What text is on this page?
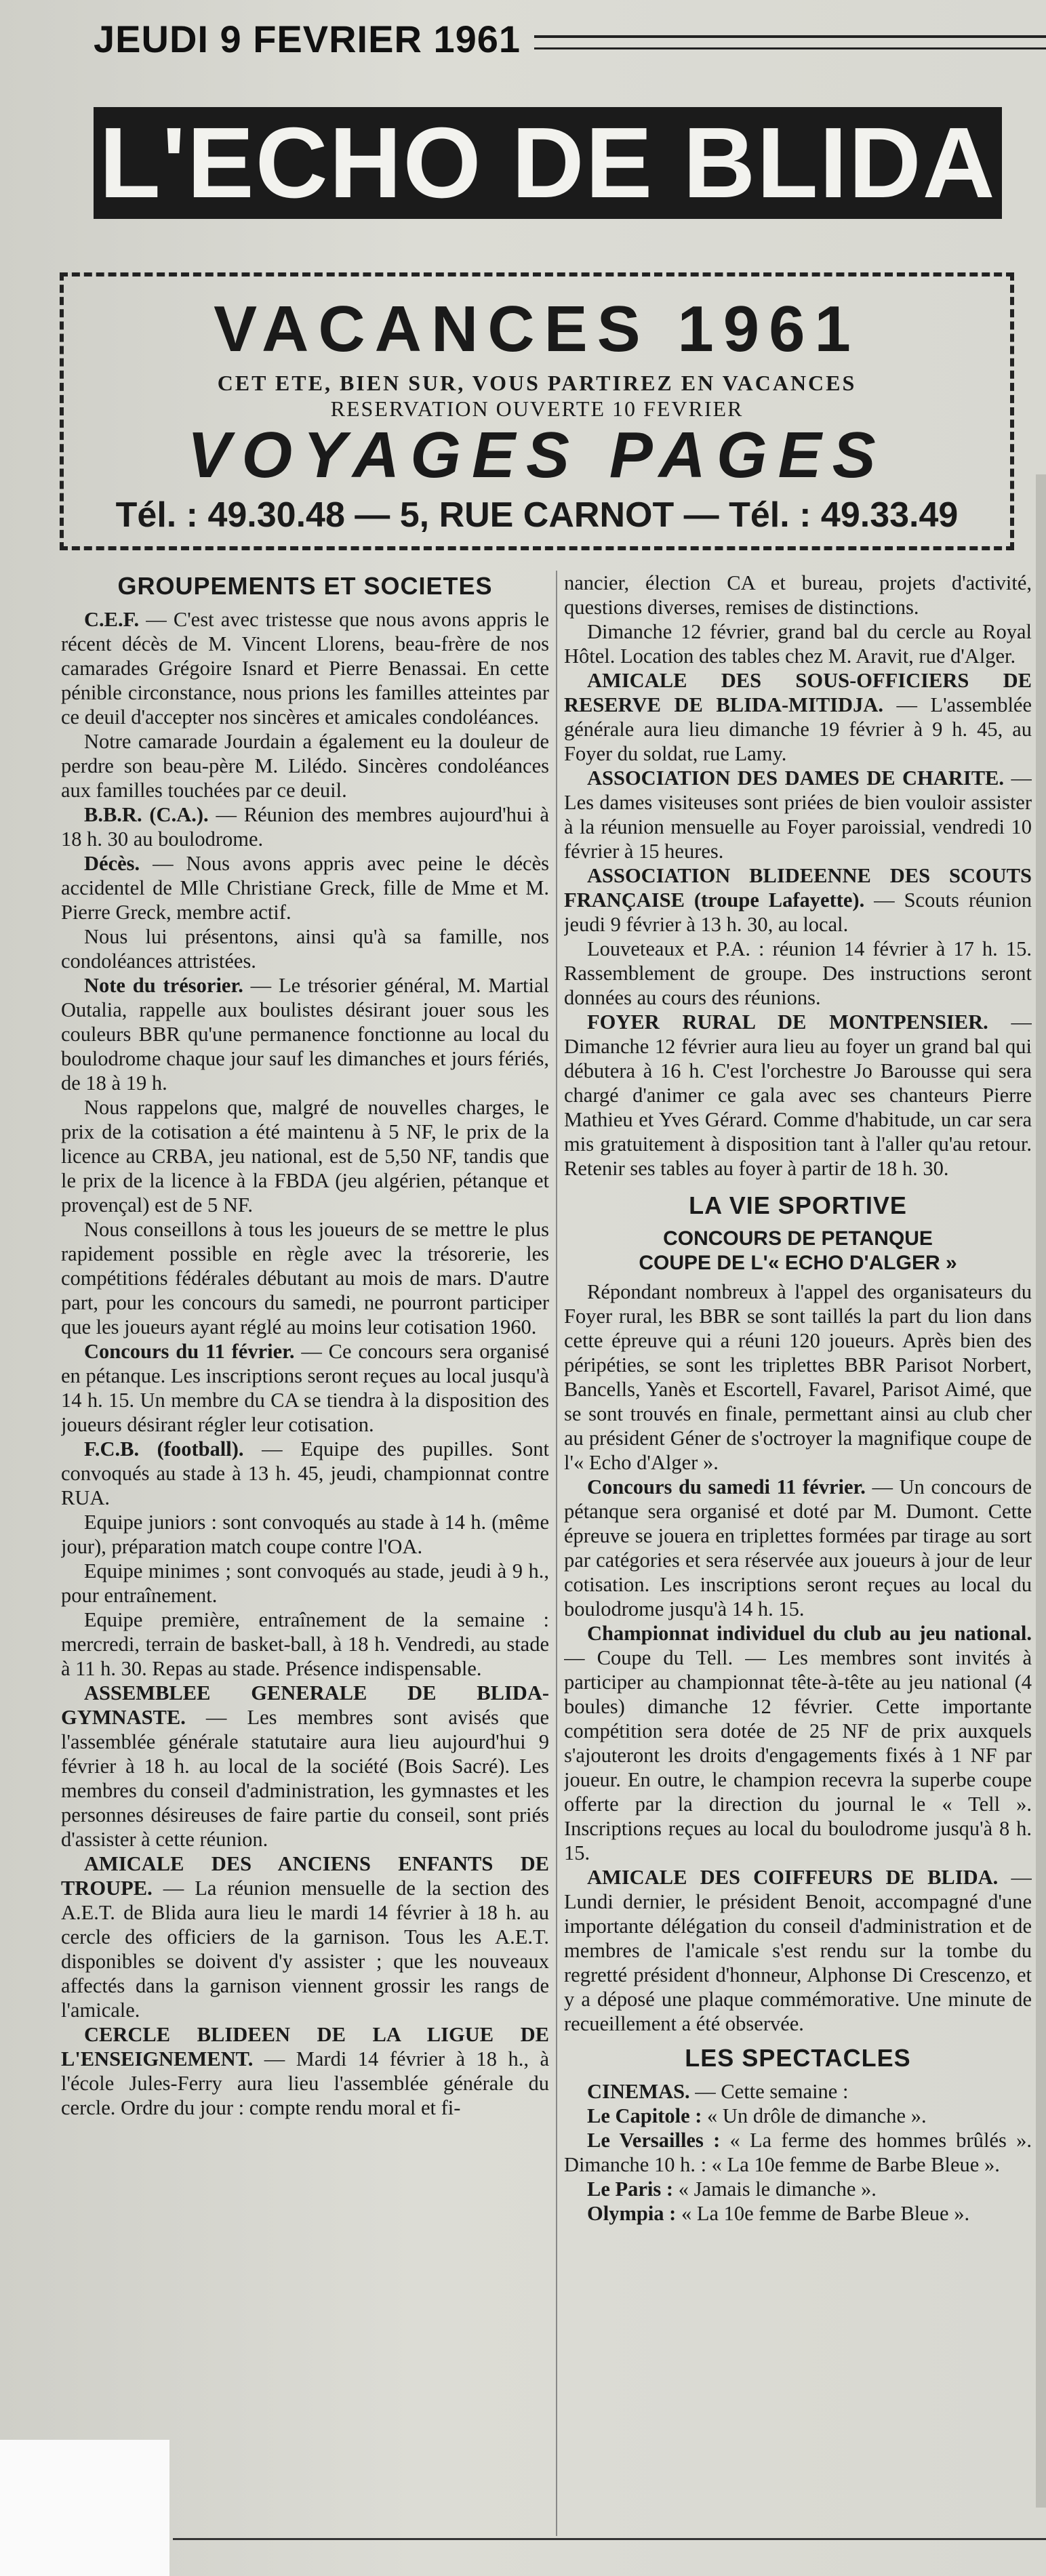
JEUDI 9 FEVRIER 1961
L'ECHO DE BLIDA
VACANCES 1961
CET ETE, BIEN SUR, VOUS PARTIREZ EN VACANCES
RESERVATION OUVERTE 10 FEVRIER
VOYAGES PAGES
Tél. : 49.30.48 — 5, RUE CARNOT — Tél. : 49.33.49
GROUPEMENTS ET SOCIETES

C.E.F. — C'est avec tristesse que nous avons appris le récent décès de M. Vincent Llorens, beau-frère de nos camarades Grégoire Isnard et Pierre Benassai. En cette pénible circonstance, nous prions les familles atteintes par ce deuil d'accepter nos sincères et amicales condoléances.

Notre camarade Jourdain a également eu la douleur de perdre son beau-père M. Lilédo. Sincères condoléances aux familles touchées par ce deuil.

B.B.R. (C.A.). — Réunion des membres aujourd'hui à 18 h. 30 au boulodrome.

Décès. — Nous avons appris avec peine le décès accidentel de Mlle Christiane Greck, fille de Mme et M. Pierre Greck, membre actif.

Nous lui présentons, ainsi qu'à sa famille, nos condoléances attristées.

Note du trésorier. — Le trésorier général, M. Martial Outalia, rappelle aux boulistes désirant jouer sous les couleurs BBR qu'une permanence fonctionne au local du boulodrome chaque jour sauf les dimanches et jours fériés, de 18 à 19 h.

Nous rappelons que, malgré de nouvelles charges, le prix de la cotisation a été maintenu à 5 NF, le prix de la licence au CRBA, jeu national, est de 5,50 NF, tandis que le prix de la licence à la FBDA (jeu algérien, pétanque et provençal) est de 5 NF.

Nous conseillons à tous les joueurs de se mettre le plus rapidement possible en règle avec la trésorerie, les compétitions fédérales débutant au mois de mars. D'autre part, pour les concours du samedi, ne pourront participer que les joueurs ayant réglé au moins leur cotisation 1960.

Concours du 11 février. — Ce concours sera organisé en pétanque. Les inscriptions seront reçues au local jusqu'à 14 h. 15. Un membre du CA se tiendra à la disposition des joueurs désirant régler leur cotisation.

F.C.B. (football). — Equipe des pupilles. Sont convoqués au stade à 13 h. 45, jeudi, championnat contre RUA.

Equipe juniors : sont convoqués au stade à 14 h. (même jour), préparation match coupe contre l'OA.

Equipe minimes ; sont convoqués au stade, jeudi à 9 h., pour entraînement.

Equipe première, entraînement de la semaine : mercredi, terrain de basket-ball, à 18 h. Vendredi, au stade à 11 h. 30. Repas au stade. Présence indispensable.

ASSEMBLEE GENERALE DE BLIDA-GYMNASTE. — Les membres sont avisés que l'assemblée générale statutaire aura lieu aujourd'hui 9 février à 18 h. au local de la société (Bois Sacré). Les membres du conseil d'administration, les gymnastes et les personnes désireuses de faire partie du conseil, sont priés d'assister à cette réunion.

AMICALE DES ANCIENS ENFANTS DE TROUPE. — La réunion mensuelle de la section des A.E.T. de Blida aura lieu le mardi 14 février à 18 h. au cercle des officiers de la garnison. Tous les A.E.T. disponibles se doivent d'y assister ; que les nouveaux affectés dans la garnison viennent grossir les rangs de l'amicale.

CERCLE BLIDEEN DE LA LIGUE DE L'ENSEIGNEMENT. — Mardi 14 février à 18 h., à l'école Jules-Ferry aura lieu l'assemblée générale du cercle. Ordre du jour : compte rendu moral et fi-

nancier, élection CA et bureau, projets d'activité, questions diverses, remises de distinctions.

Dimanche 12 février, grand bal du cercle au Royal Hôtel. Location des tables chez M. Aravit, rue d'Alger.

AMICALE DES SOUS-OFFICIERS DE RESERVE DE BLIDA-MITIDJA. — L'assemblée générale aura lieu dimanche 19 février à 9 h. 45, au Foyer du soldat, rue Lamy.

ASSOCIATION DES DAMES DE CHARITE. — Les dames visiteuses sont priées de bien vouloir assister à la réunion mensuelle au Foyer paroissial, vendredi 10 février à 15 heures.

ASSOCIATION BLIDEENNE DES SCOUTS FRANÇAISE (troupe Lafayette). — Scouts réunion jeudi 9 février à 13 h. 30, au local.

Louveteaux et P.A. : réunion 14 février à 17 h. 15. Rassemblement de groupe. Des instructions seront données au cours des réunions.

FOYER RURAL DE MONTPENSIER. — Dimanche 12 février aura lieu au foyer un grand bal qui débutera à 16 h. C'est l'orchestre Jo Barousse qui sera chargé d'animer ce gala avec ses chanteurs Pierre Mathieu et Yves Gérard. Comme d'habitude, un car sera mis gratuitement à disposition tant à l'aller qu'au retour. Retenir ses tables au foyer à partir de 18 h. 30.

LA VIE SPORTIVE
CONCOURS DE PETANQUE
COUPE DE L'« ECHO D'ALGER »

Répondant nombreux à l'appel des organisateurs du Foyer rural, les BBR se sont taillés la part du lion dans cette épreuve qui a réuni 120 joueurs. Après bien des péripéties, se sont les triplettes BBR Parisot Norbert, Bancells, Yanès et Escortell, Favarel, Parisot Aimé, que se sont trouvés en finale, permettant ainsi au club cher au président Géner de s'octroyer la magnifique coupe de l'« Echo d'Alger ».

Concours du samedi 11 février. — Un concours de pétanque sera organisé et doté par M. Dumont. Cette épreuve se jouera en triplettes formées par tirage au sort par catégories et sera réservée aux joueurs à jour de leur cotisation. Les inscriptions seront reçues au local du boulodrome jusqu'à 14 h. 15.

Championnat individuel du club au jeu national. — Coupe du Tell. — Les membres sont invités à participer au championnat tête-à-tête au jeu national (4 boules) dimanche 12 février. Cette importante compétition sera dotée de 25 NF de prix auxquels s'ajouteront les droits d'engagements fixés à 1 NF par joueur. En outre, le champion recevra la superbe coupe offerte par la direction du journal le « Tell ». Inscriptions reçues au local du boulodrome jusqu'à 8 h. 15.

AMICALE DES COIFFEURS DE BLIDA. — Lundi dernier, le président Benoit, accompagné d'une importante délégation du conseil d'administration et de membres de l'amicale s'est rendu sur la tombe du regretté président d'honneur, Alphonse Di Crescenzo, et y a déposé une plaque commémorative. Une minute de recueillement a été observée.

LES SPECTACLES

CINEMAS. — Cette semaine :

Le Capitole : « Un drôle de dimanche ».

Le Versailles : « La ferme des hommes brûlés ». Dimanche 10 h. : « La 10e femme de Barbe Bleue ».

Le Paris : « Jamais le dimanche ».

Olympia : « La 10e femme de Barbe Bleue ».
